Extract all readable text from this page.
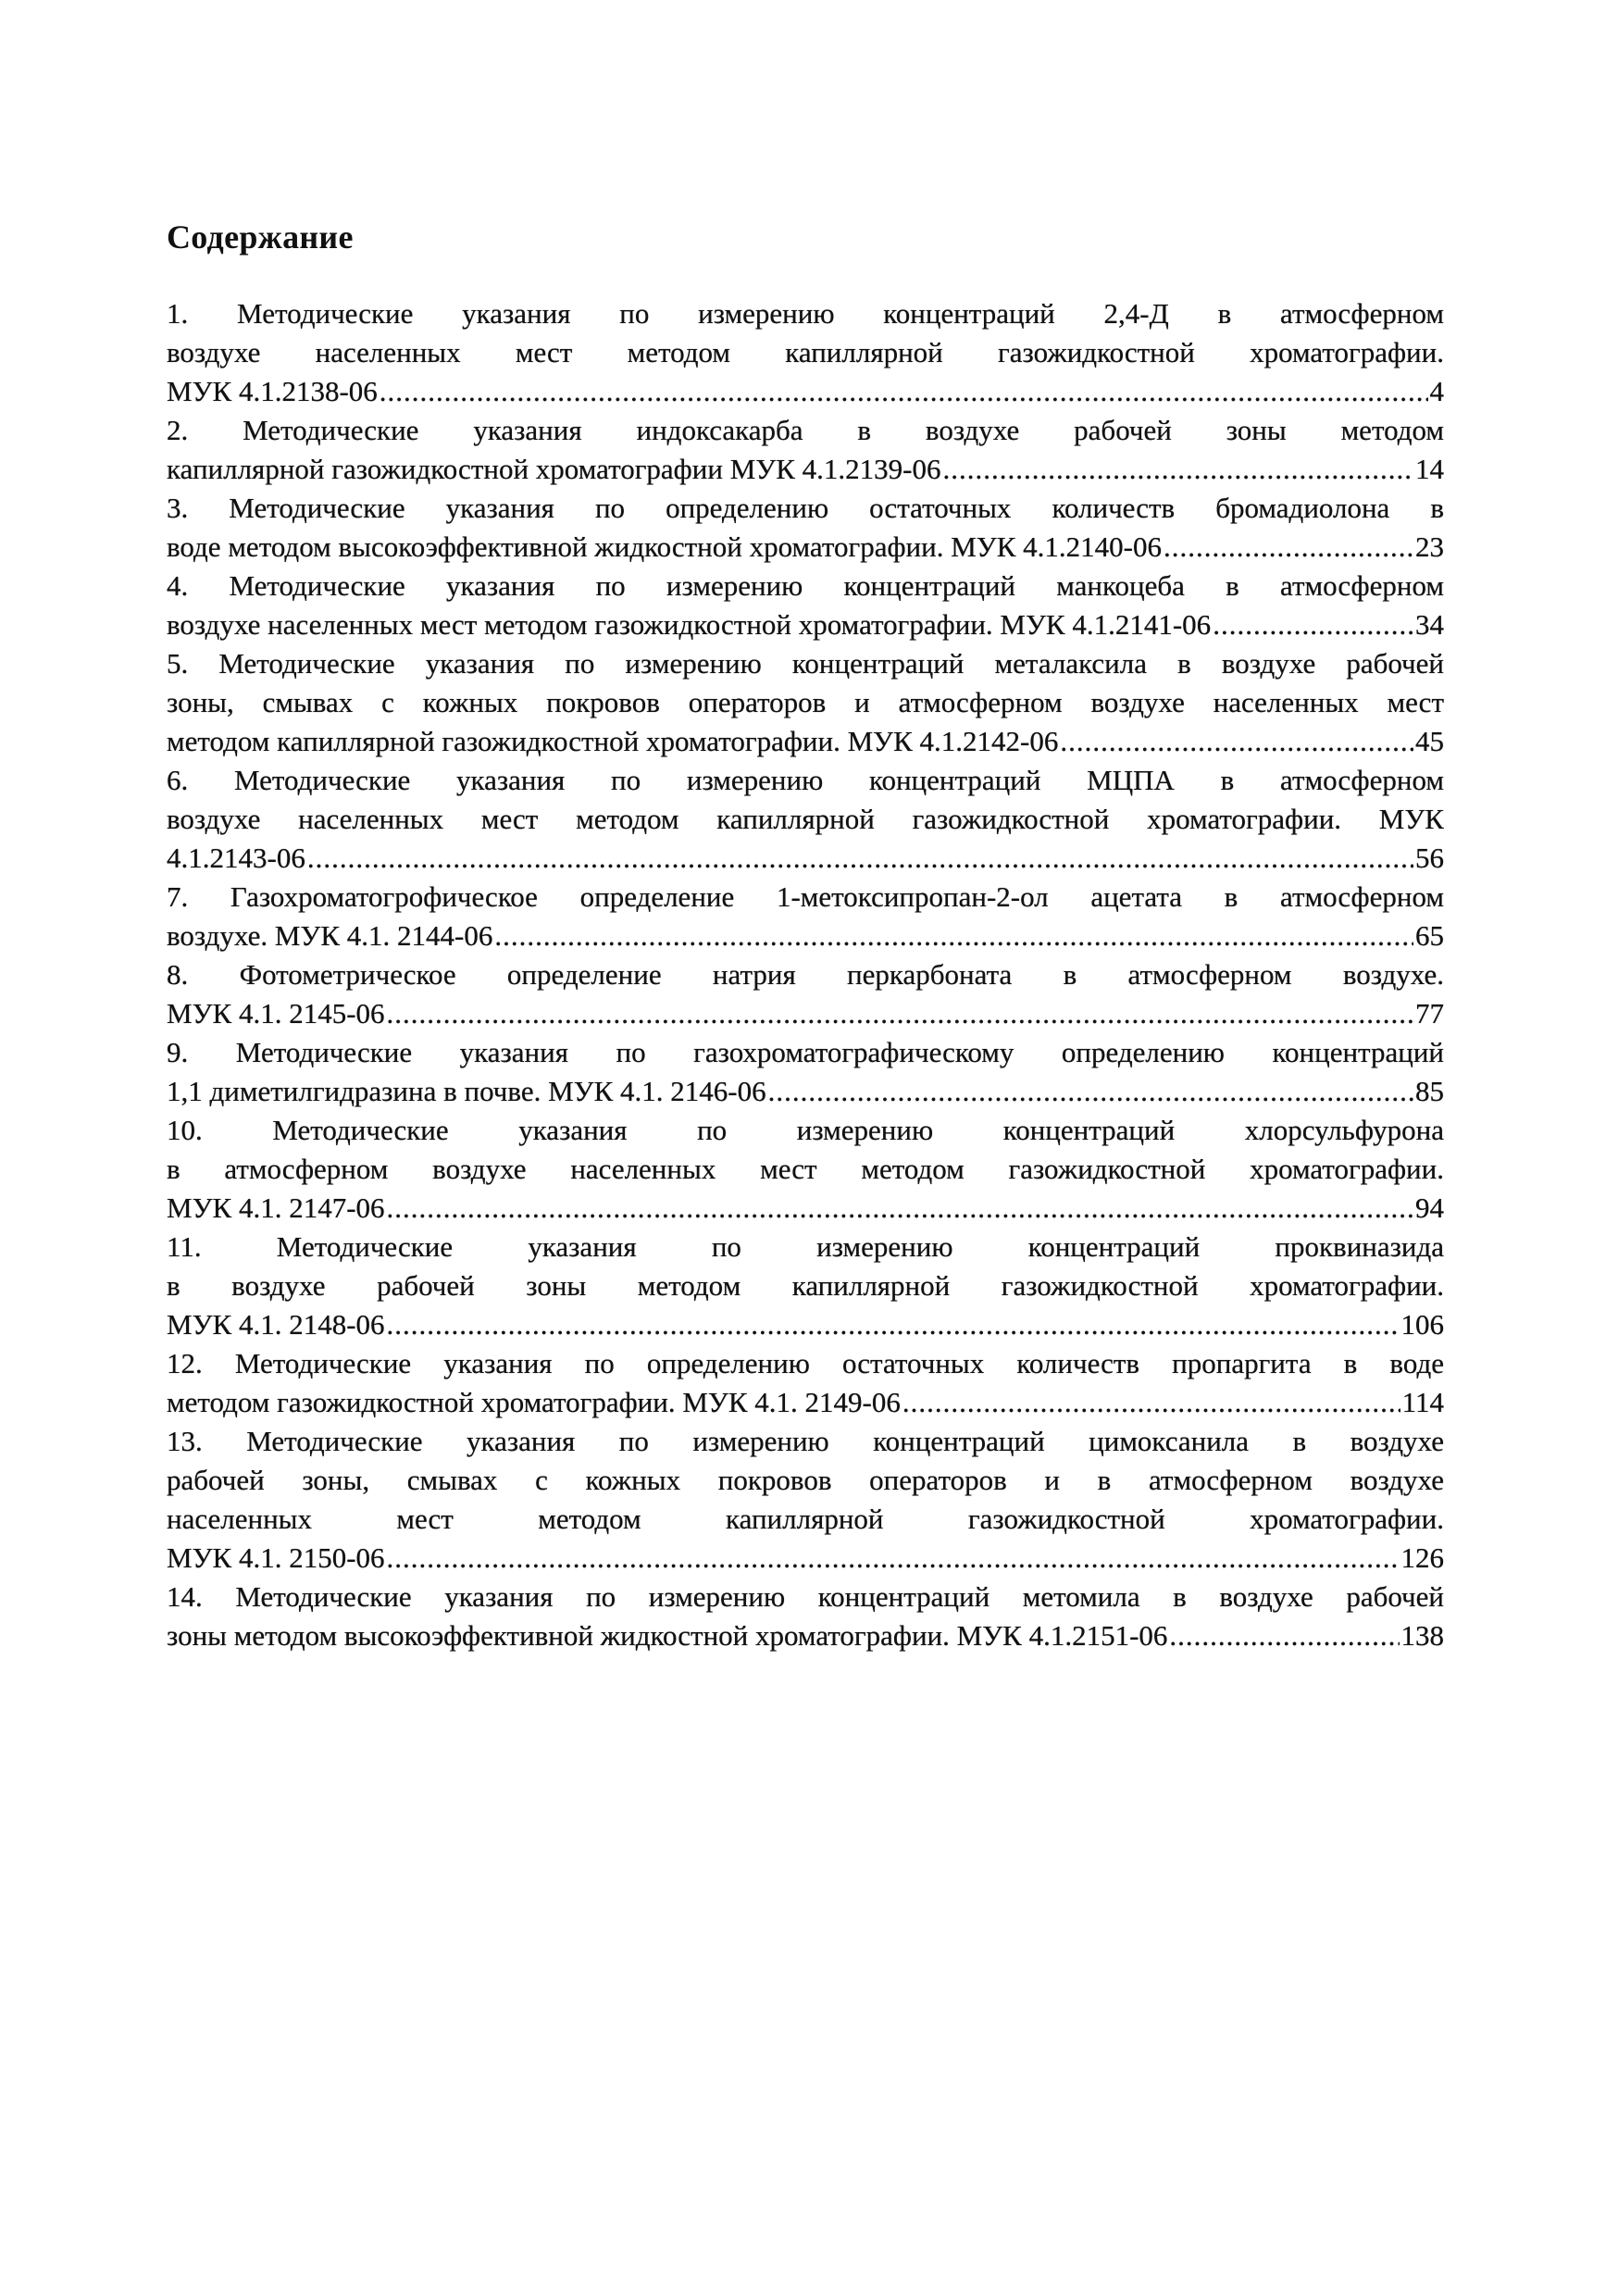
Содержание
1. Методические указания по измерению концентраций 2,4-Д в атмосферном
воздухе населенных мест методом капиллярной газожидкостной хроматографии.
МУК 4.1.2138-06 .....	4
2. Методические указания индоксакарба в воздухе рабочей зоны методом
капиллярной газожидкостной хроматографии МУК 4.1.2139-06 .....	14
3. Методические указания по определению остаточных количеств бромадиолона в
воде методом высокоэффективной жидкостной хроматографии. МУК 4.1.2140-06 .....	23
4. Методические указания по измерению концентраций манкоцеба в атмосферном
воздухе населенных мест методом газожидкостной хроматографии. МУК 4.1.2141-06 .....	34
5. Методические указания по измерению концентраций металаксила в воздухе рабочей
зоны, смывах с кожных покровов операторов и атмосферном воздухе населенных мест
методом капиллярной газожидкостной хроматографии. МУК 4.1.2142-06 .....	45
6. Методические указания по измерению концентраций МЦПА в атмосферном
воздухе населенных мест методом капиллярной газожидкостной хроматографии. МУК
4.1.2143-06 .....	56
7. Газохроматогрофическое определение 1-метоксипропан-2-ол ацетата в атмосферном
воздухе. МУК 4.1. 2144-06 .....	65
8. Фотометрическое определение натрия перкарбоната в атмосферном воздухе.
МУК 4.1. 2145-06 .....	77
9. Методические указания по газохроматографическому определению концентраций
1,1 диметилгидразина в почве. МУК 4.1. 2146-06 .....	85
10. Методические указания по измерению концентраций хлорсульфурона
в атмосферном воздухе населенных мест методом газожидкостной хроматографии.
МУК 4.1. 2147-06 .....	94
11. Методические указания по измерению концентраций проквиназида
в воздухе рабочей зоны методом капиллярной газожидкостной хроматографии.
МУК 4.1. 2148-06 .....	106
12. Методические указания по определению остаточных количеств пропаргита в воде
методом газожидкостной хроматографии. МУК 4.1. 2149-06 .....	114
13. Методические указания по измерению концентраций цимоксанила в воздухе
рабочей зоны, смывах с кожных покровов операторов и в атмосферном воздухе
населенных мест методом капиллярной газожидкостной хроматографии.
МУК 4.1. 2150-06 .....	126
14. Методические указания по измерению концентраций метомила в воздухе рабочей
зоны методом высокоэффективной жидкостной хроматографии. МУК 4.1.2151-06 .....	138
